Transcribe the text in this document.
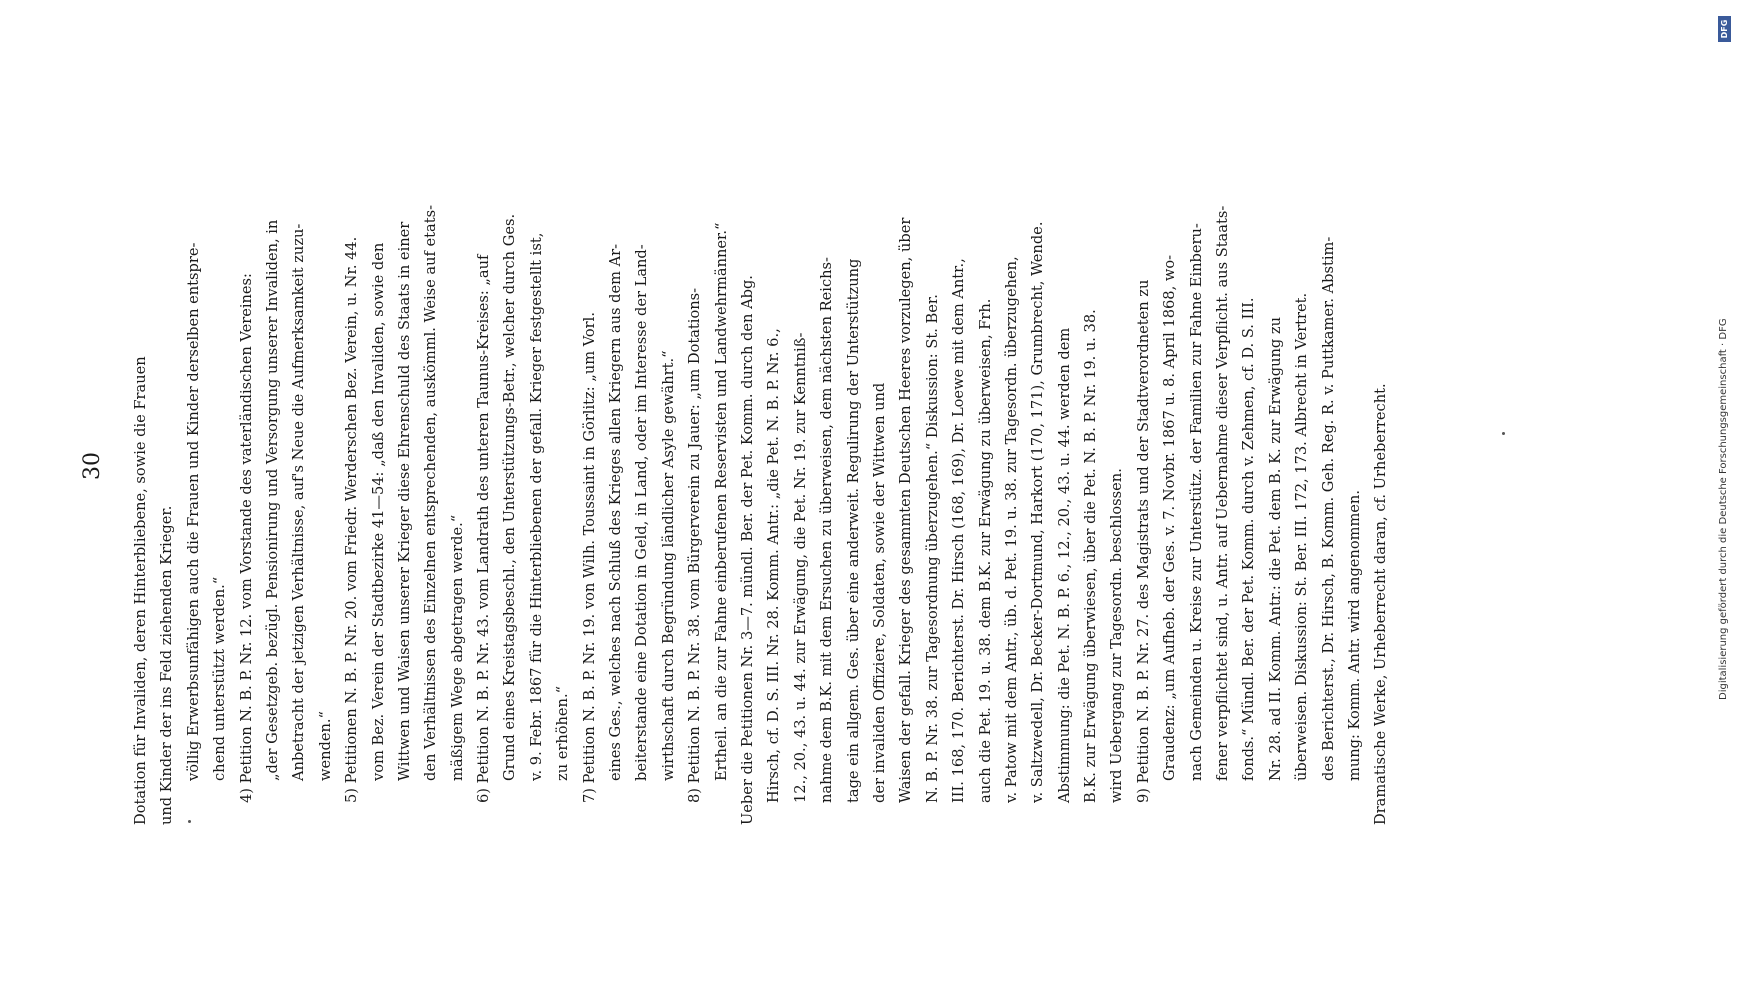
30 Dotation für Invaliden, deren Hinterbliebene, sowie die Frauen und Kinder der ins Feld ziehenden Krieger. völlig Erwerbsunfähigen auch die Frauen und Kinder derselben entspre- chend unterstützt werden.“ 4) Petition N. B. P. Nr. 12. vom Vorstande des vaterländischen Vereines: „der Gesetzgeb. bezügl. Pensionirung und Versorgung unserer Invaliden, in Anbetracht der jetzigen Verhältnisse, auf's Neue die Aufmerksamkeit zuzu- wenden.“ 5) Petitionen N. B. P. Nr. 20. vom Friedr. Werderschen Bez. Verein, u. Nr. 44. vom Bez. Verein der Stadtbezirke 41—54: „daß den Invaliden, sowie den Wittwen und Waisen unserer Krieger diese Ehrenschuld des Staats in einer den Verhältnissen des Einzelnen entsprechenden, auskömml. Weise auf etats- mäßigem Wege abgetragen werde.“ 6) Petition N. B. P. Nr. 43. vom Landrath des unteren Taunus-Kreises: „auf Grund eines Kreistagsbeschl., den Unterstützungs-Betr., welcher durch Ges. v. 9. Febr. 1867 für die Hinterbliebenen der gefall. Krieger festgestellt ist, zu erhöhen.“ 7) Petition N. B. P. Nr. 19. von Wilh. Toussaint in Görlitz: „um Vorl. eines Ges., welches nach Schluß des Krieges allen Kriegern aus dem Ar- beiterstande eine Dotation in Geld, in Land, oder im Interesse der Land- wirthschaft durch Begründung ländlicher Asyle gewährt.“ 8) Petition N. B. P. Nr. 38. vom Bürgerverein zu Jauer: „um Dotations- Ertheil. an die zur Fahne einberufenen Reservisten und Landwehrmänner.“ Ueber die Petitionen Nr. 3—7. mündl. Ber. der Pet. Komm. durch den Abg. Hirsch, cf. D. S. III. Nr. 28. Komm. Antr.: „die Pet. N. B. P. Nr. 6., 12., 20., 43. u. 44. zur Erwägung, die Pet. Nr. 19. zur Kenntniß- nahme dem B.K. mit dem Ersuchen zu überweisen, dem nächsten Reichs- tage ein allgem. Ges. über eine anderweit. Regulirung der Unterstützung der invaliden Offiziere, Soldaten, sowie der Wittwen und Waisen der gefall. Krieger des gesammten Deutschen Heeres vorzulegen, über N. B. P. Nr. 38. zur Tagesordnung überzugehen.“ Diskussion: St. Ber. III. 168, 170. Berichterst. Dr. Hirsch (168, 169), Dr. Loewe mit dem Antr., auch die Pet. 19. u. 38. dem B.K. zur Erwägung zu überweisen, Frh. v. Patow mit dem Antr., üb. d. Pet. 19. u. 38. zur Tagesordn. überzugehen, v. Saltzwedell, Dr. Becker-Dortmund, Harkort (170, 171), Grumbrecht, Wende. Abstimmung: die Pet. N. B. P. 6., 12., 20., 43. u. 44. werden dem B.K. zur Erwägung überwiesen, über die Pet. N. B. P. Nr. 19. u. 38. wird Uebergang zur Tagesordn. beschlossen. 9) Petition N. B. P. Nr. 27. des Magistrats und der Stadtverordneten zu Graudenz: „um Aufheb. der Ges. v. 7. Novbr. 1867 u. 8. April 1868, wo- nach Gemeinden u. Kreise zur Unterstütz. der Familien zur Fahne Einberu- fener verpflichtet sind, u. Antr. auf Uebernahme dieser Verpflicht. aus Staats- fonds.“ Mündl. Ber. der Pet. Komm. durch v. Zehmen, cf. D. S. III. Nr. 28. ad II. Komm. Antr.: die Pet. dem B. K. zur Erwägung zu überweisen. Diskussion: St. Ber. III. 172, 173. Albrecht in Vertret. des Berichterst., Dr. Hirsch, B. Komm. Geh. Reg. R. v. Puttkamer. Abstim- mung: Komm. Antr. wird angenommen. Dramatische Werke, Urheberrecht daran, cf. Urheberrecht.	Digitalisierung gefördert durch die Deutsche Forschungsgemeinschaft · DFG
DFG
